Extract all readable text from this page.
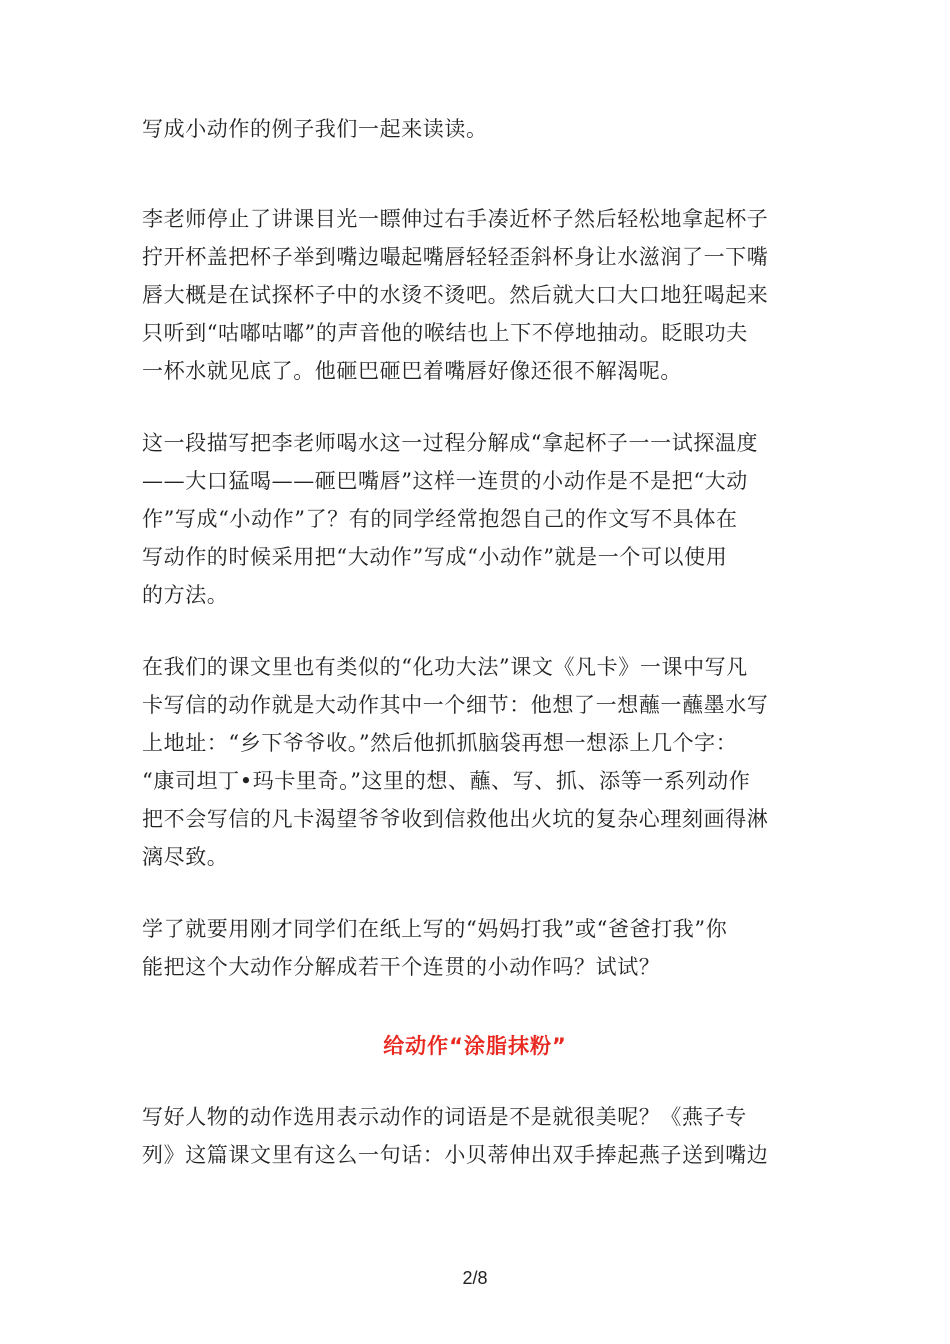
写成小动作的例子我们一起来读读。

李老师停止了讲课目光一瞟伸过右手凑近杯子然后轻松地拿起杯子
拧开杯盖把杯子举到嘴边嘬起嘴唇轻轻歪斜杯身让水滋润了一下嘴
唇大概是在试探杯子中的水烫不烫吧。然后就大口大口地狂喝起来
只听到“咕嘟咕嘟”的声音他的喉结也上下不停地抽动。眨眼功夫
一杯水就见底了。他砸巴砸巴着嘴唇好像还很不解渴呢。

这一段描写把李老师喝水这一过程分解成“拿起杯子一一试探温度
——大口猛喝——砸巴嘴唇”这样一连贯的小动作是不是把“大动
作”写成“小动作”了？有的同学经常抱怨自己的作文写不具体在
写动作的时候采用把“大动作”写成“小动作”就是一个可以使用
的方法。

在我们的课文里也有类似的“化功大法”课文《凡卡》一课中写凡
卡写信的动作就是大动作其中一个细节：他想了一想蘸一蘸墨水写
上地址：“乡下爷爷收。”然后他抓抓脑袋再想一想添上几个字：
“康司坦丁•玛卡里奇。”这里的想、蘸、写、抓、添等一系列动作
把不会写信的凡卡渴望爷爷收到信救他出火坑的复杂心理刻画得淋
漓尽致。

学了就要用刚才同学们在纸上写的“妈妈打我”或“爸爸打我”你
能把这个大动作分解成若干个连贯的小动作吗？试试？

给动作“涂脂抹粉”

写好人物的动作选用表示动作的词语是不是就很美呢？《燕子专
列》这篇课文里有这么一句话：小贝蒂伸出双手捧起燕子送到嘴边

2/8
